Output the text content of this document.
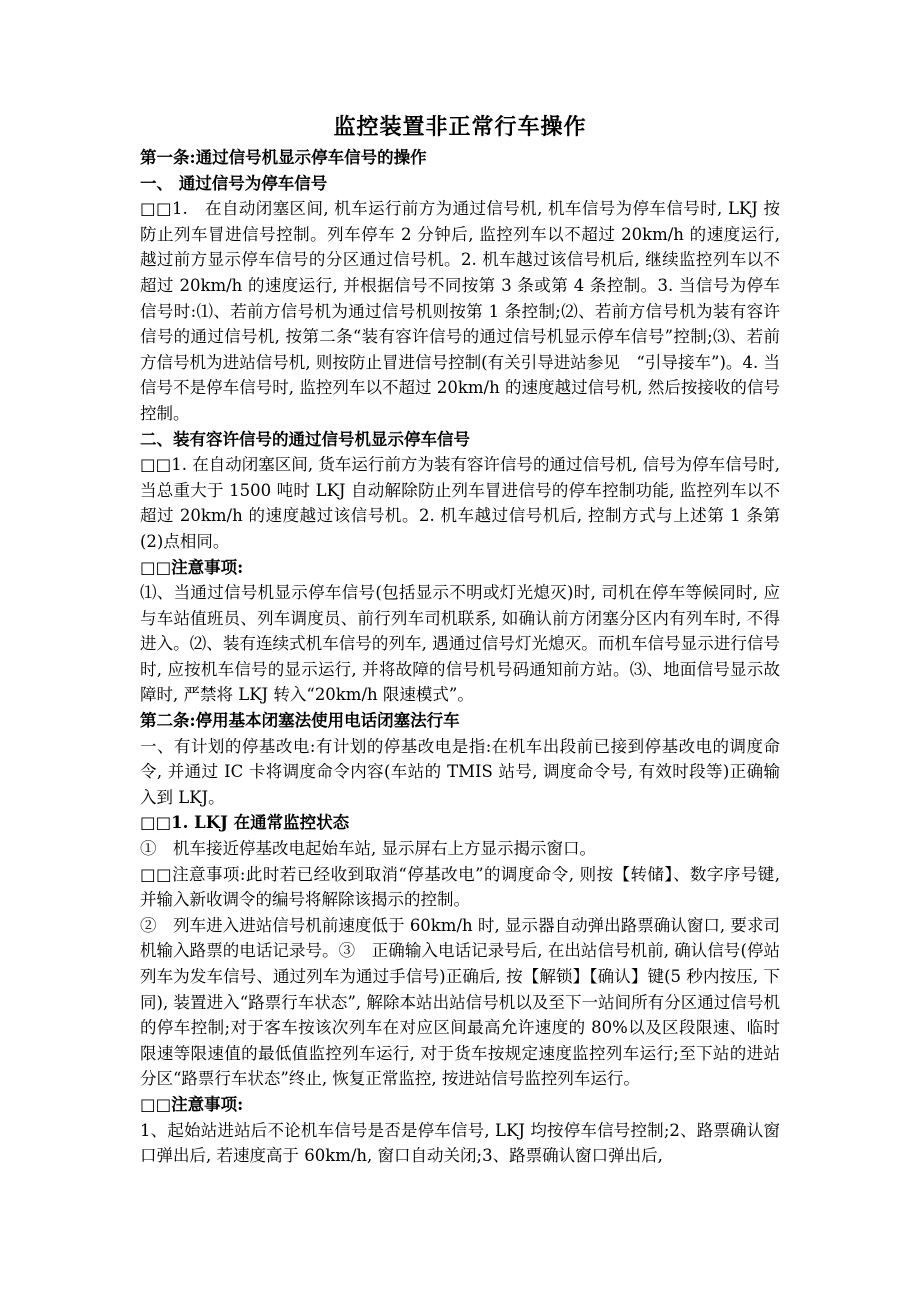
监控装置非正常行车操作
第一条:通过信号机显示停车信号的操作
一、 通过信号为停车信号
□□1.　在自动闭塞区间, 机车运行前方为通过信号机, 机车信号为停车信号时, LKJ 按防止列车冒进信号控制。列车停车 2 分钟后, 监控列车以不超过 20km/h 的速度运行, 越过前方显示停车信号的分区通过信号机。2. 机车越过该信号机后, 继续监控列车以不超过 20km/h 的速度运行, 并根据信号不同按第 3 条或第 4 条控制。3. 当信号为停车信号时:⑴、若前方信号机为通过信号机则按第 1 条控制;⑵、若前方信号机为装有容许信号的通过信号机, 按第二条“装有容许信号的通过信号机显示停车信号”控制;⑶、若前方信号机为进站信号机, 则按防止冒进信号控制(有关引导进站参见　“引导接车”)。4. 当信号不是停车信号时, 监控列车以不超过 20km/h 的速度越过信号机, 然后按接收的信号控制。
二、装有容许信号的通过信号机显示停车信号
□□1. 在自动闭塞区间, 货车运行前方为装有容许信号的通过信号机, 信号为停车信号时, 当总重大于 1500 吨时 LKJ 自动解除防止列车冒进信号的停车控制功能, 监控列车以不超过 20km/h 的速度越过该信号机。2. 机车越过信号机后, 控制方式与上述第 1 条第(2)点相同。
□□注意事项:
⑴、当通过信号机显示停车信号(包括显示不明或灯光熄灭)时, 司机在停车等候同时, 应与车站值班员、列车调度员、前行列车司机联系, 如确认前方闭塞分区内有列车时, 不得进入。⑵、装有连续式机车信号的列车, 遇通过信号灯光熄灭。而机车信号显示进行信号时, 应按机车信号的显示运行, 并将故障的信号机号码通知前方站。⑶、地面信号显示故障时, 严禁将 LKJ 转入“20km/h 限速模式”。
第二条:停用基本闭塞法使用电话闭塞法行车
一、有计划的停基改电:有计划的停基改电是指:在机车出段前已接到停基改电的调度命令, 并通过 IC 卡将调度命令内容(车站的 TMIS 站号, 调度命令号, 有效时段等)正确输入到 LKJ。
□□1. LKJ 在通常监控状态
①　机车接近停基改电起始车站, 显示屏右上方显示揭示窗口。
□□注意事项:此时若已经收到取消“停基改电”的调度命令, 则按【转储】、数字序号键, 并输入新收调令的编号将解除该揭示的控制。
②　列车进入进站信号机前速度低于 60km/h 时, 显示器自动弹出路票确认窗口, 要求司机输入路票的电话记录号。③　正确输入电话记录号后, 在出站信号机前, 确认信号(停站列车为发车信号、通过列车为通过手信号)正确后, 按【解锁】【确认】键(5 秒内按压, 下同), 装置进入“路票行车状态”, 解除本站出站信号机以及至下一站间所有分区通过信号机的停车控制;对于客车按该次列车在对应区间最高允许速度的 80%以及区段限速、临时限速等限速值的最低值监控列车运行, 对于货车按规定速度监控列车运行;至下站的进站分区“路票行车状态”终止, 恢复正常监控, 按进站信号监控列车运行。
□□注意事项:
1、起始站进站后不论机车信号是否是停车信号, LKJ 均按停车信号控制;2、路票确认窗口弹出后, 若速度高于 60km/h, 窗口自动关闭;3、路票确认窗口弹出后,
